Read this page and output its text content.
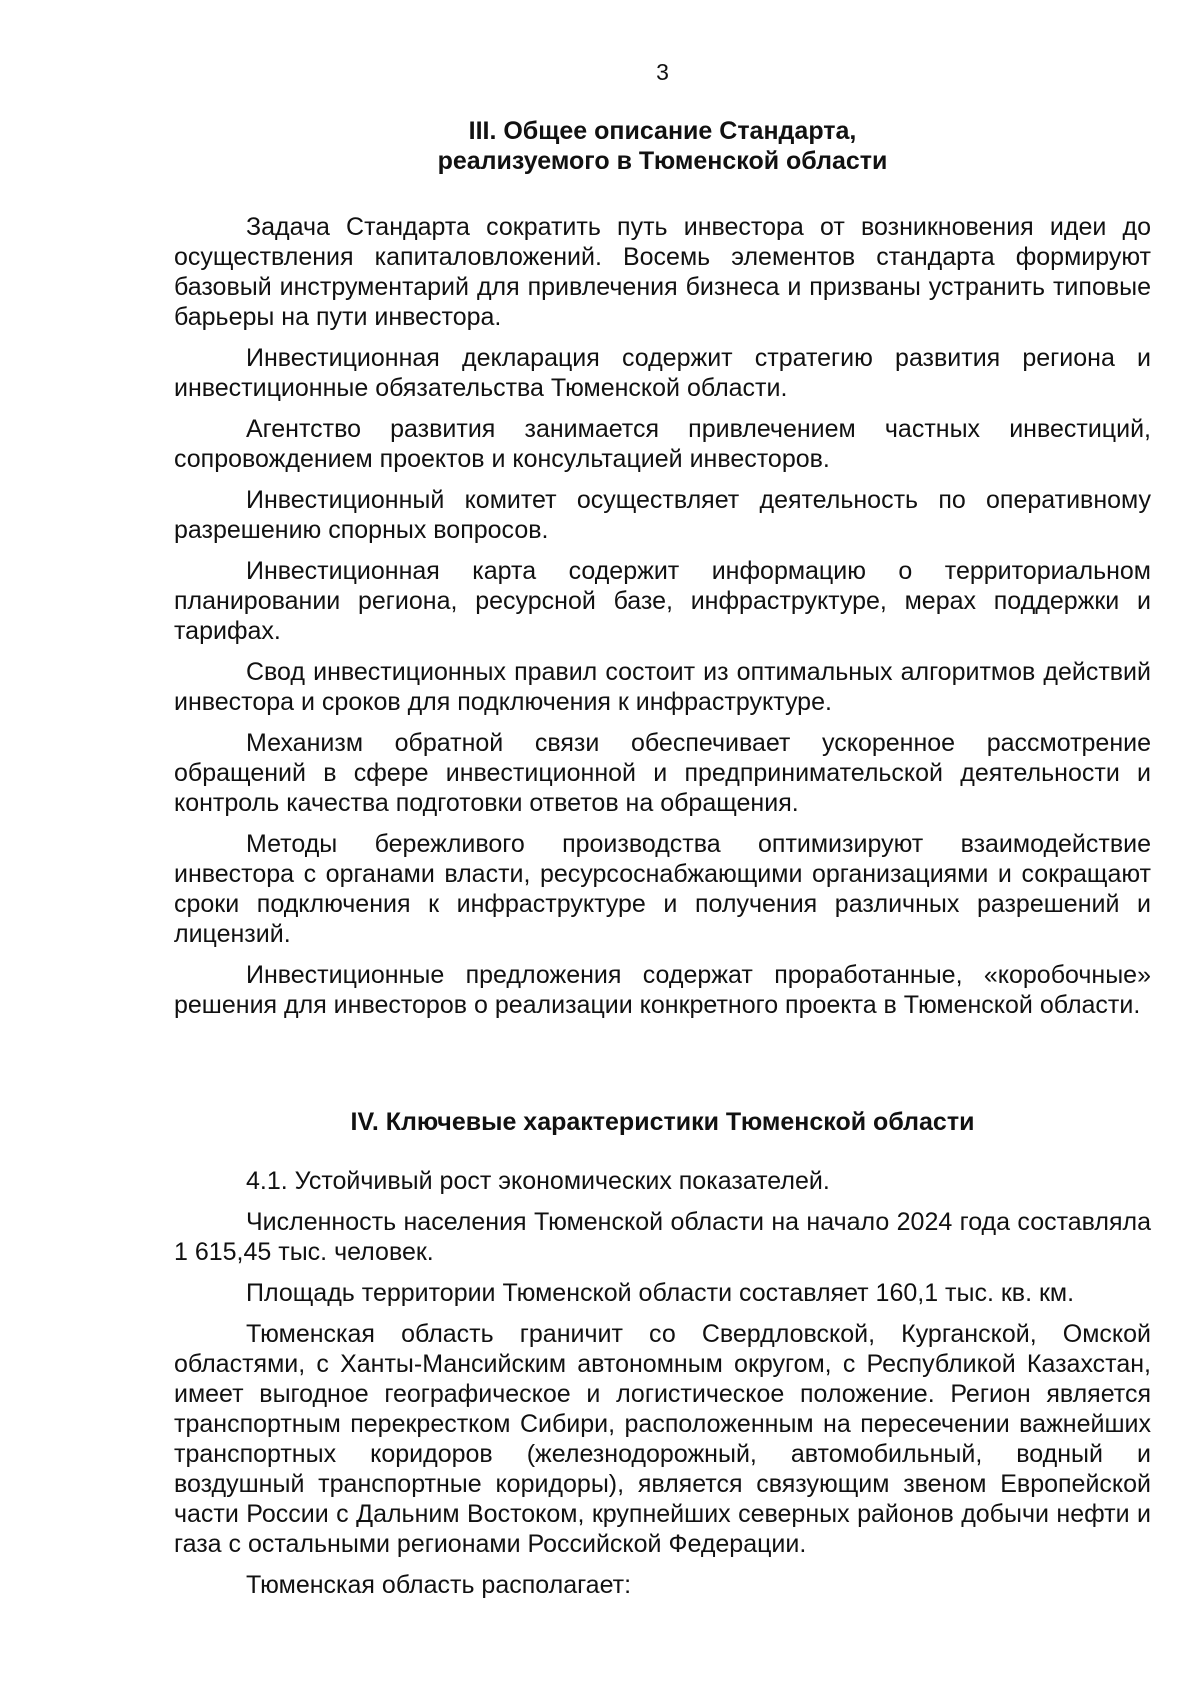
3
III. Общее описание Стандарта,
реализуемого в Тюменской области

Задача Стандарта сократить путь инвестора от возникновения идеи до осуществления капиталовложений. Восемь элементов стандарта формируют базовый инструментарий для привлечения бизнеса и призваны устранить типовые барьеры на пути инвестора.

Инвестиционная декларация содержит стратегию развития региона и инвестиционные обязательства Тюменской области.

Агентство развития занимается привлечением частных инвестиций, сопровождением проектов и консультацией инвесторов.

Инвестиционный комитет осуществляет деятельность по оперативному разрешению спорных вопросов.

Инвестиционная карта содержит информацию о территориальном планировании региона, ресурсной базе, инфраструктуре, мерах поддержки и тарифах.

Свод инвестиционных правил состоит из оптимальных алгоритмов действий инвестора и сроков для подключения к инфраструктуре.

Механизм обратной связи обеспечивает ускоренное рассмотрение обращений в сфере инвестиционной и предпринимательской деятельности и контроль качества подготовки ответов на обращения.

Методы бережливого производства оптимизируют взаимодействие инвестора с органами власти, ресурсоснабжающими организациями и сокращают сроки подключения к инфраструктуре и получения различных разрешений и лицензий.

Инвестиционные предложения содержат проработанные, «коробочные» решения для инвесторов о реализации конкретного проекта в Тюменской области.

IV. Ключевые характеристики Тюменской области

4.1. Устойчивый рост экономических показателей.

Численность населения Тюменской области на начало 2024 года составляла 1 615,45 тыс. человек.

Площадь территории Тюменской области составляет 160,1 тыс. кв. км.

Тюменская область граничит со Свердловской, Курганской, Омской областями, с Ханты-Мансийским автономным округом, с Республикой Казахстан, имеет выгодное географическое и логистическое положение. Регион является транспортным перекрестком Сибири, расположенным на пересечении важнейших транспортных коридоров (железнодорожный, автомобильный, водный и воздушный транспортные коридоры), является связующим звеном Европейской части России с Дальним Востоком, крупнейших северных районов добычи нефти и газа с остальными регионами Российской Федерации.

Тюменская область располагает:
